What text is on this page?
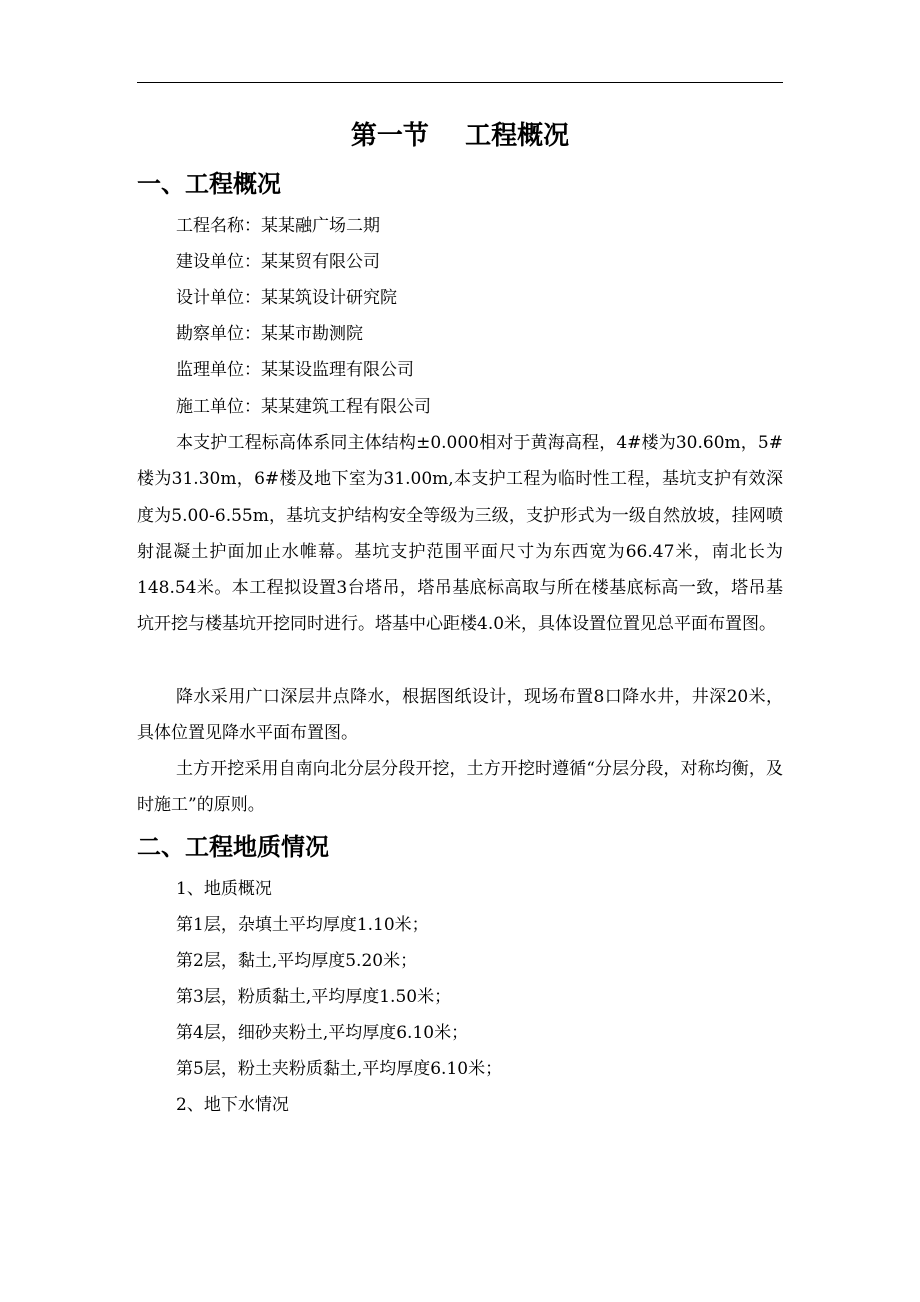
第一节    工程概况
一、工程概况
工程名称：某某融广场二期
建设单位：某某贸有限公司
设计单位：某某筑设计研究院
勘察单位：某某市勘测院
监理单位：某某设监理有限公司
施工单位：某某建筑工程有限公司

本支护工程标高体系同主体结构±0.000相对于黄海高程，4#楼为30.60m，5#楼为31.30m，6#楼及地下室为31.00m,本支护工程为临时性工程，基坑支护有效深度为5.00-6.55m，基坑支护结构安全等级为三级，支护形式为一级自然放坡，挂网喷射混凝土护面加止水帷幕。基坑支护范围平面尺寸为东西宽为66.47米，南北长为148.54米。本工程拟设置3台塔吊，塔吊基底标高取与所在楼基底标高一致，塔吊基坑开挖与楼基坑开挖同时进行。塔基中心距楼4.0米，具体设置位置见总平面布置图。

降水采用广口深层井点降水，根据图纸设计，现场布置8口降水井，井深20米，具体位置见降水平面布置图。

土方开挖采用自南向北分层分段开挖，土方开挖时遵循“分层分段，对称均衡，及时施工”的原则。

二、工程地质情况
1、地质概况
第1层，杂填土平均厚度1.10米；
第2层，黏土,平均厚度5.20米；
第3层，粉质黏土,平均厚度1.50米；
第4层，细砂夹粉土,平均厚度6.10米；
第5层，粉土夹粉质黏土,平均厚度6.10米；
2、地下水情况
